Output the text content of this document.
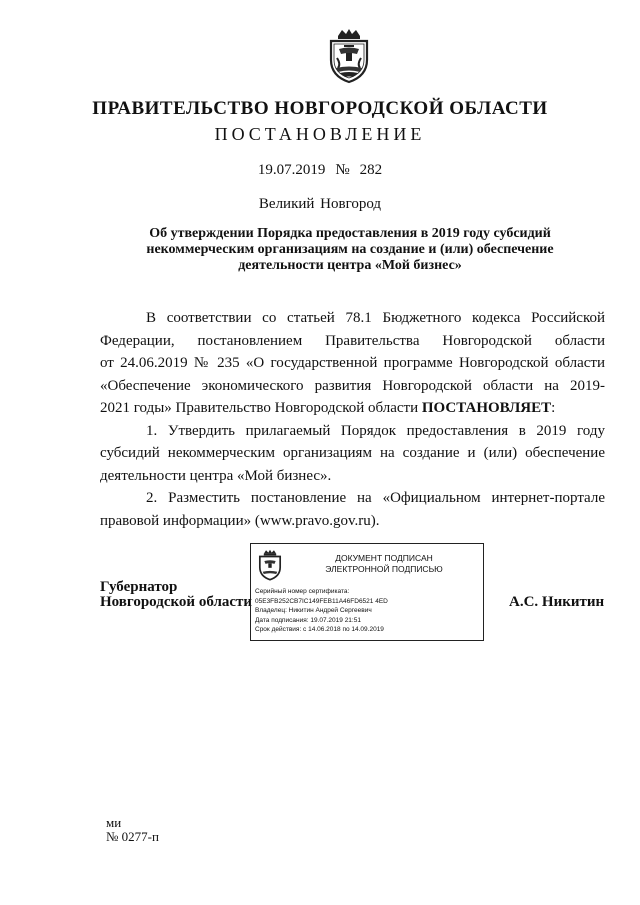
ПРАВИТЕЛЬСТВО НОВГОРОДСКОЙ ОБЛАСТИ
ПОСТАНОВЛЕНИЕ
19.07.2019 № 282
Великий Новгород
Об утверждении Порядка предоставления в 2019 году субсидий
некоммерческим организациям на создание и (или) обеспечение
деятельности центра «Мой бизнес»
В соответствии со статьей 78.1 Бюджетного кодекса Российской
Федерации, постановлением Правительства Новгородской области
от 24.06.2019 № 235 «О государственной программе Новгородской области
«Обеспечение экономического развития Новгородской области на 2019-
2021 годы» Правительство Новгородской области ПОСТАНОВЛЯЕТ:
1. Утвердить прилагаемый Порядок предоставления в 2019 году
субсидий некоммерческим организациям на создание и (или) обеспечение
деятельности центра «Мой бизнес».
2. Разместить постановление на «Официальном интернет-портале
правовой информации» (www.pravo.gov.ru).
Губернатор
Новгородской области
ДОКУМЕНТ ПОДПИСАН
ЭЛЕКТРОННОЙ ПОДПИСЬЮ
Серийный номер сертификата:
05E3FB252CB7IC149FEB11A46FD6521 4ED
Владелец: Никитин Андрей Сергеевич
Дата подписания: 19.07.2019 21:51
Срок действия: с 14.06.2018 по 14.09.2019
А.С. Никитин
ми
№ 0277-п
